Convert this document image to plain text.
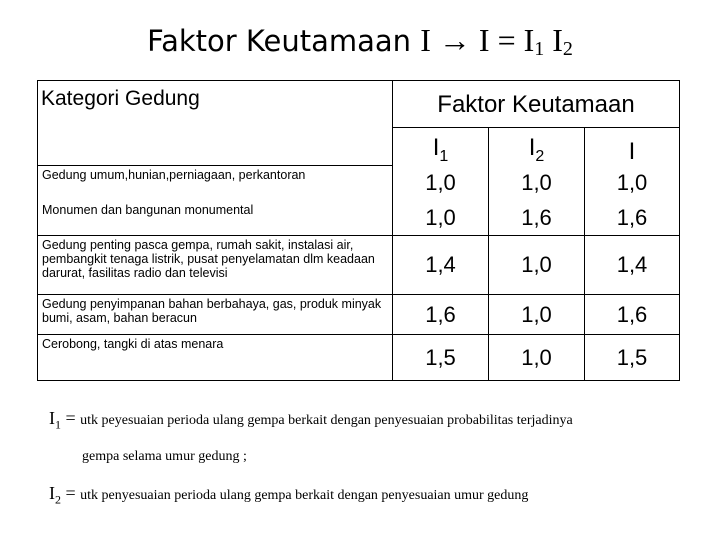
Faktor Keutamaan $I \to I = I_1$ $I_2$
Kategori Gedung	Faktor Keutamaan		
	$I_1$	$I_2$	I
Gedung umum,hunian,perniagaan, perkantoran	1,0	1,0	1,0
Monumen dan bangunan monumental	1,0	1,6	1,6
Gedung penting pasca gempa, rumah sakit, instalasi air, pembangkit tenaga listrik, pusat penyelamatan dlm keadaan darurat, fasilitas radio dan televisi	1,4	1,0	1,4
Gedung penyimpanan bahan berbahaya, gas, produk minyak bumi, asam, bahan beracun	1,6	1,0	1,6
Cerobong, tangki di atas menara	1,5	1,0	1,5
$I_1$ = utk peyesuaian perioda ulang gempa berkait dengan penyesuaian probabilitas terjadinya
gempa selama umur gedung ;
$I_2$ = utk penyesuaian perioda ulang gempa berkait dengan penyesuaian umur gedung
